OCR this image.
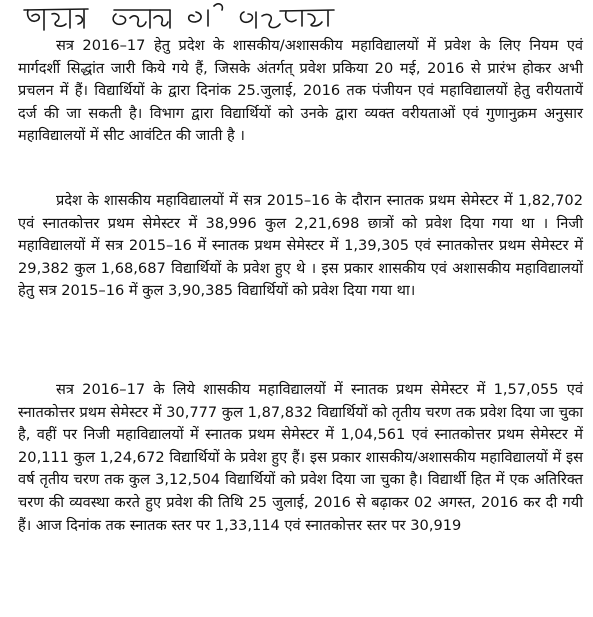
सत्र 2016–17 हेतु प्रदेश के शासकीय/अशासकीय महाविद्यालयों में प्रवेश के लिए नियम एवं मार्गदर्शी सिद्धांत जारी किये गये हैं, जिसके अंतर्गत् प्रवेश प्रकिया 20 मई, 2016 से प्रारंभ होकर अभी प्रचलन में हैं। विद्यार्थियों के द्वारा दिनांक 25.जुलाई, 2016 तक पंजीयन एवं महाविद्यालयों हेतु वरीयतायें दर्ज की जा सकती है। विभाग द्वारा विद्यार्थियों को उनके द्वारा व्यक्त वरीयताओं एवं गुणानुक्रम अनुसार महाविद्यालयों में सीट आवंटित की जाती है ।

प्रदेश के शासकीय महाविद्यालयों में सत्र 2015–16 के दौरान स्नातक प्रथम सेमेस्टर में 1,82,702 एवं स्नातकोत्तर प्रथम सेमेस्टर में 38,996 कुल 2,21,698 छात्रों को प्रवेश दिया गया था । निजी महाविद्यालयों में सत्र 2015–16 में स्नातक प्रथम सेमेस्टर में 1,39,305 एवं स्नातकोत्तर प्रथम सेमेस्टर में 29,382 कुल 1,68,687 विद्यार्थियों के प्रवेश हुए थे । इस प्रकार शासकीय एवं अशासकीय महाविद्यालयों हेतु सत्र 2015–16 में कुल 3,90,385 विद्यार्थियों को प्रवेश दिया गया था।

सत्र 2016–17 के लिये शासकीय महाविद्यालयों में स्नातक प्रथम सेमेस्टर में 1,57,055 एवं स्नातकोत्तर प्रथम सेमेस्टर में 30,777 कुल 1,87,832 विद्यार्थियों को तृतीय चरण तक प्रवेश दिया जा चुका है, वहीं पर निजी महाविद्यालयों में स्नातक प्रथम सेमेस्टर में 1,04,561 एवं स्नातकोत्तर प्रथम सेमेस्टर में 20,111 कुल 1,24,672 विद्यार्थियों के प्रवेश हुए हैं। इस प्रकार शासकीय/अशासकीय महाविद्यालयों में इस वर्ष तृतीय चरण तक कुल 3,12,504 विद्यार्थियों को प्रवेश दिया जा चुका है। विद्यार्थी हित में एक अतिरिक्त चरण की व्यवस्था करते हुए प्रवेश की तिथि 25 जुलाई, 2016 से बढ़ाकर 02 अगस्त, 2016 कर दी गयी हैं। आज दिनांक तक स्नातक स्तर पर 1,33,114 एवं स्नातकोत्तर स्तर पर 30,919
